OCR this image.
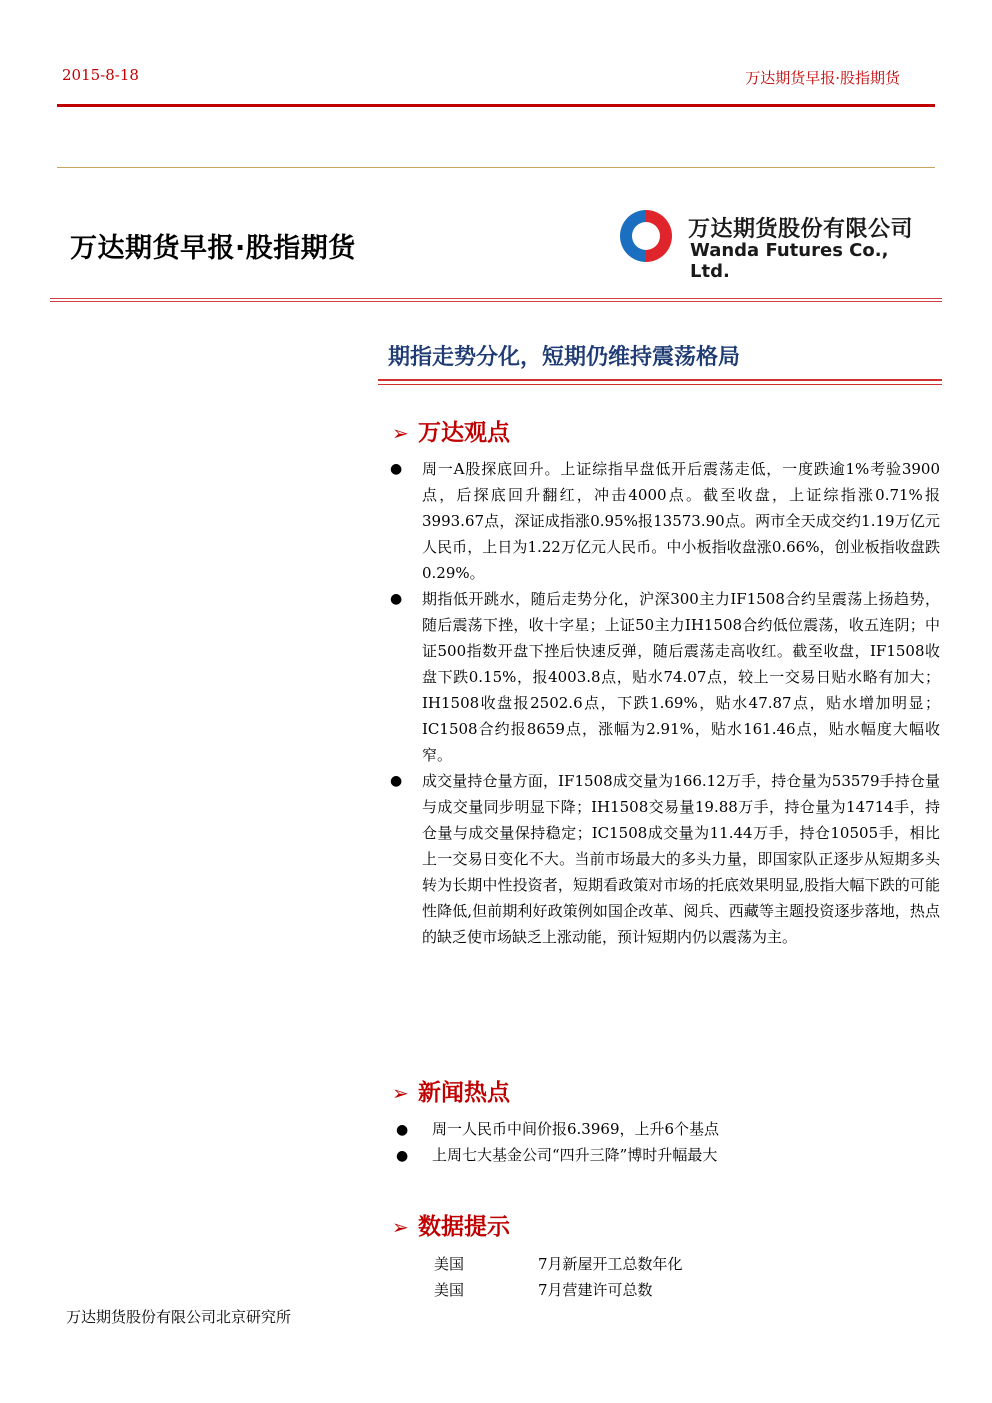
2015-8-18	万达期货早报·股指期货
万达期货早报·股指期货
万达期货股份有限公司
Wanda Futures Co., Ltd.
期指走势分化，短期仍维持震荡格局
➢ 万达观点
● 周一A股探底回升。上证综指早盘低开后震荡走低，一度跌逾1%考验3900点，后探底回升翻红，冲击4000点。截至收盘，上证综指涨0.71%报3993.67点，深证成指涨0.95%报13573.90点。两市全天成交约1.19万亿元人民币，上日为1.22万亿元人民币。中小板指收盘涨0.66%，创业板指收盘跌0.29%。
● 期指低开跳水，随后走势分化，沪深300主力IF1508合约呈震荡上扬趋势，随后震荡下挫，收十字星；上证50主力IH1508合约低位震荡，收五连阴；中证500指数开盘下挫后快速反弹，随后震荡走高收红。截至收盘，IF1508收盘下跌0.15%，报4003.8点，贴水74.07点，较上一交易日贴水略有加大；IH1508收盘报2502.6点，下跌1.69%，贴水47.87点，贴水增加明显；IC1508合约报8659点，涨幅为2.91%，贴水161.46点，贴水幅度大幅收窄。
● 成交量持仓量方面，IF1508成交量为166.12万手，持仓量为53579手持仓量与成交量同步明显下降；IH1508交易量19.88万手，持仓量为14714手，持仓量与成交量保持稳定；IC1508成交量为11.44万手，持仓10505手，相比上一交易日变化不大。当前市场最大的多头力量，即国家队正逐步从短期多头转为长期中性投资者，短期看政策对市场的托底效果明显,股指大幅下跌的可能性降低,但前期利好政策例如国企改革、阅兵、西藏等主题投资逐步落地，热点的缺乏使市场缺乏上涨动能，预计短期内仍以震荡为主。
➢ 新闻热点
● 周一人民币中间价报6.3969，上升6个基点
● 上周七大基金公司“四升三降”博时升幅最大
➢ 数据提示
美国	7月新屋开工总数年化
美国	7月营建许可总数
万达期货股份有限公司北京研究所
